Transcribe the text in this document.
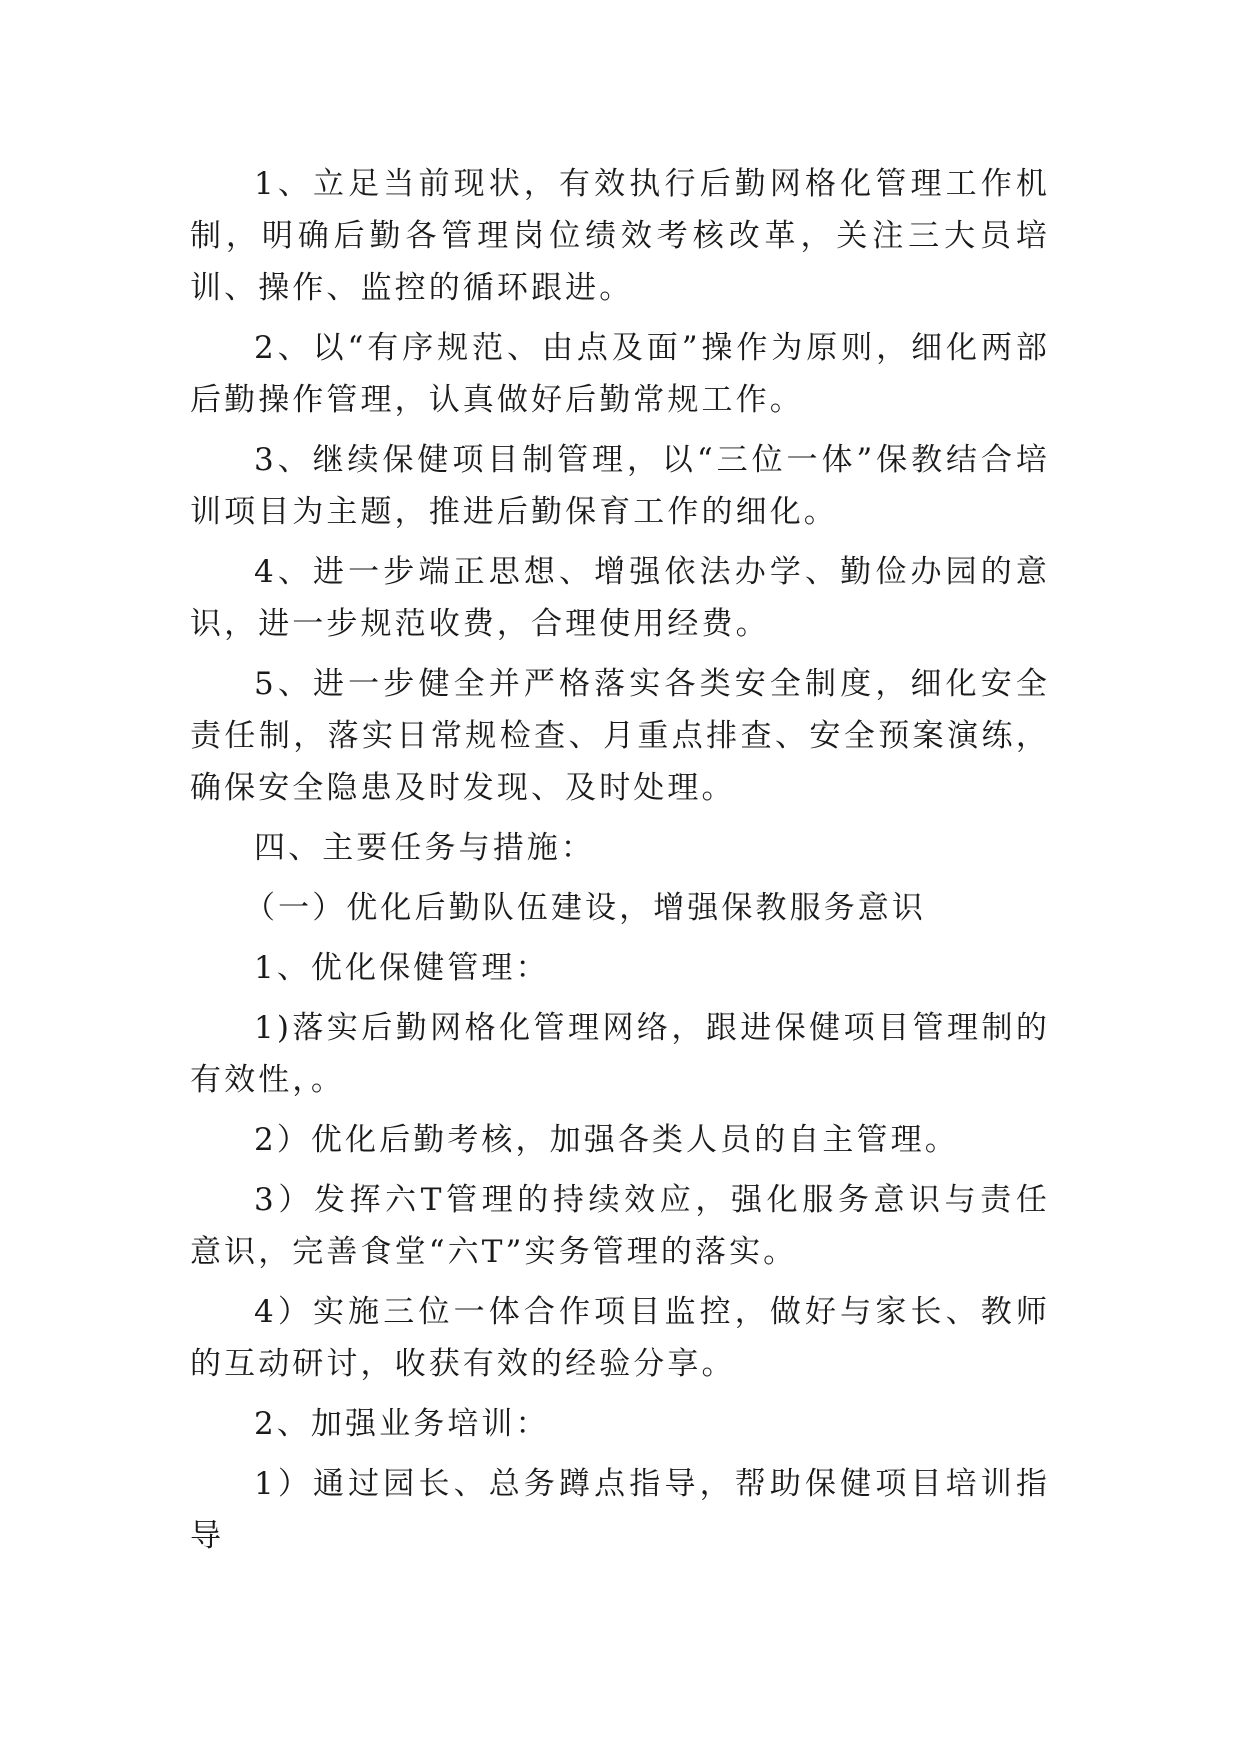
1、立足当前现状，有效执行后勤网格化管理工作机制，明确后勤各管理岗位绩效考核改革，关注三大员培训、操作、监控的循环跟进。

2、以“有序规范、由点及面”操作为原则，细化两部后勤操作管理，认真做好后勤常规工作。

3、继续保健项目制管理，以“三位一体”保教结合培训项目为主题，推进后勤保育工作的细化。

4、进一步端正思想、增强依法办学、勤俭办园的意识，进一步规范收费，合理使用经费。

5、进一步健全并严格落实各类安全制度，细化安全责任制，落实日常规检查、月重点排查、安全预案演练，确保安全隐患及时发现、及时处理。

四、主要任务与措施：

（一）优化后勤队伍建设，增强保教服务意识

1、优化保健管理：

1)落实后勤网格化管理网络，跟进保健项目管理制的有效性，。

2）优化后勤考核，加强各类人员的自主管理。

3）发挥六T管理的持续效应，强化服务意识与责任意识，完善食堂“六T”实务管理的落实。

4）实施三位一体合作项目监控，做好与家长、教师的互动研讨，收获有效的经验分享。

2、加强业务培训：

1）通过园长、总务蹲点指导，帮助保健项目培训指导
